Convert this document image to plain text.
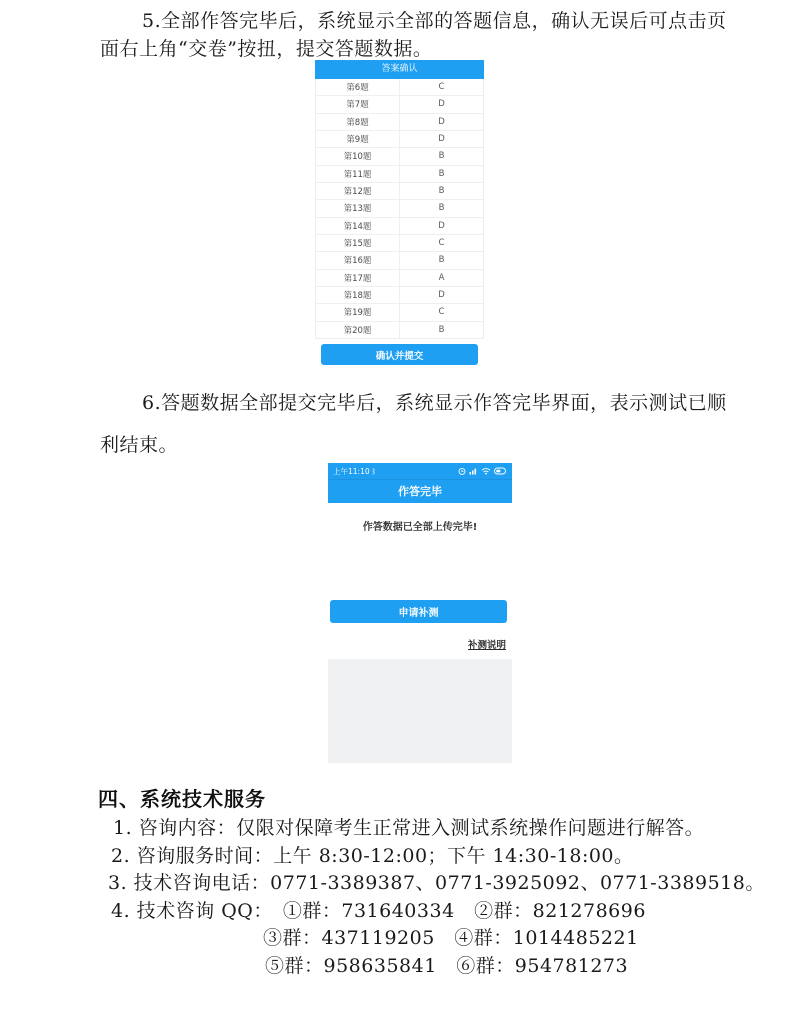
5.全部作答完毕后，系统显示全部的答题信息，确认无误后可点击页

面右上角“交卷”按扭，提交答题数据。

答案确认
第6题	C
第7题	D
第8题	D
第9题	D
第10题	B
第11题	B
第12题	B
第13题	B
第14题	D
第15题	C
第16题	B
第17题	A
第18题	D
第19题	C
第20题	B
确认并提交

6.答题数据全部提交完毕后，系统显示作答完毕界面，表示测试已顺

利结束。

上午11:10 ᛒ
作答完毕
作答数据已全部上传完毕!
申请补测
补测说明
四、系统技术服务

1. 咨询内容：仅限对保障考生正常进入测试系统操作问题进行解答。

2. 咨询服务时间：上午 8:30-12:00；下午 14:30-18:00。

3. 技术咨询电话：0771-3389387、0771-3925092、0771-3389518。

4. 技术咨询 QQ：　①群：731640334　②群：821278696

③群：437119205　④群：1014485221

⑤群：958635841　⑥群：954781273
